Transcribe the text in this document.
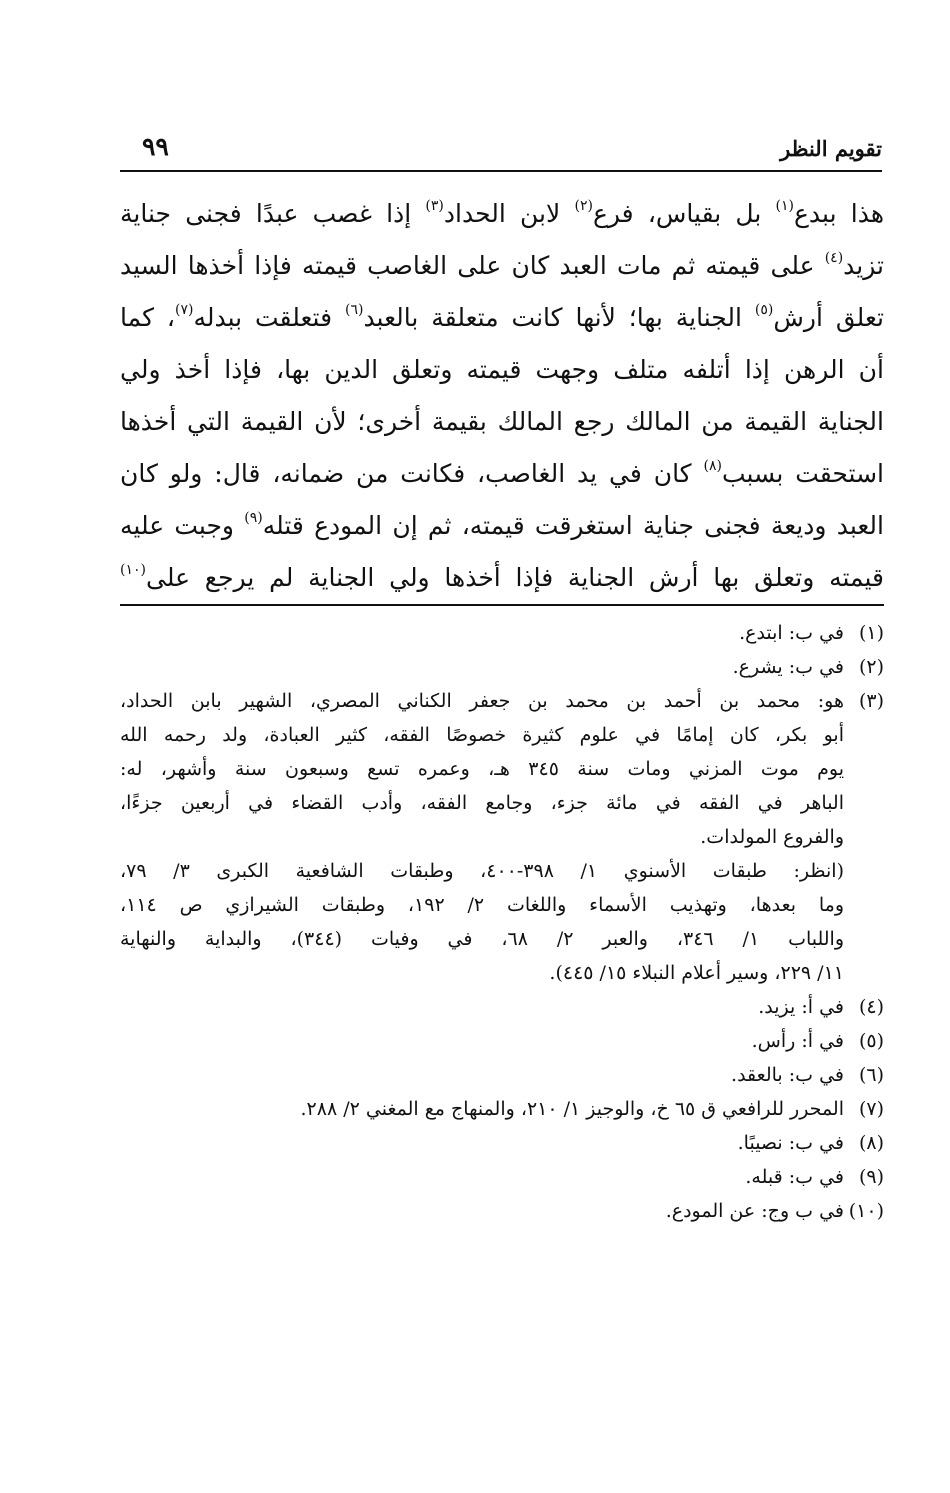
تقويم النظر
٩٩

هذا ببدع$^{(١)}$ بل بقياس، فرع$^{(٢)}$ لابن الحداد$^{(٣)}$ إذا غصب عبدًا فجنى جناية

تزيد$^{(٤)}$ على قيمته ثم مات العبد كان على الغاصب قيمته فإذا أخذها السيد

تعلق أرش$^{(٥)}$ الجناية بها؛ لأنها كانت متعلقة بالعبد$^{(٦)}$ فتعلقت ببدله$^{(٧)}$، كما

أن الرهن إذا أتلفه متلف وجهت قيمته وتعلق الدين بها، فإذا أخذ ولي

الجناية القيمة من المالك رجع المالك بقيمة أخرى؛ لأن القيمة التي أخذها

استحقت بسبب$^{(٨)}$ كان في يد الغاصب، فكانت من ضمانه، قال: ولو كان

العبد وديعة فجنى جناية استغرقت قيمته، ثم إن المودع قتله$^{(٩)}$ وجبت عليه

قيمته وتعلق بها أرش الجناية فإذا أخذها ولي الجناية لم يرجع على$^{(١٠)}$

(١)
في ب: ابتدع.
(٢)
في ب: يشرع.
(٣)
هو: محمد بن أحمد بن محمد بن جعفر الكناني المصري، الشهير بابن الحداد،
أبو بكر، كان إمامًا في علوم كثيرة خصوصًا الفقه، كثير العبادة، ولد رحمه الله
يوم موت المزني ومات سنة ٣٤٥ هـ، وعمره تسع وسبعون سنة وأشهر، له:
الباهر في الفقه في مائة جزء، وجامع الفقه، وأدب القضاء في أربعين جزءًا،
والفروع المولدات.
(انظر: طبقات الأسنوي ١/ ٣٩٨-٤٠٠، وطبقات الشافعية الكبرى ٣/ ٧٩،
وما بعدها، وتهذيب الأسماء واللغات ٢/ ١٩٢، وطبقات الشيرازي ص ١١٤،
واللباب ١/ ٣٤٦، والعبر ٢/ ٦٨، في وفيات (٣٤٤)، والبداية والنهاية
١١/ ٢٢٩، وسير أعلام النبلاء ١٥/ ٤٤٥).
(٤)
في أ: يزيد.
(٥)
في أ: رأس.
(٦)
في ب: بالعقد.
(٧)
المحرر للرافعي ق ٦٥ خ، والوجيز ١/ ٢١٠، والمنهاج مع المغني ٢/ ٢٨٨.
(٨)
في ب: نصيبًا.
(٩)
في ب: قبله.
(١٠)
في ب وج: عن المودع.
